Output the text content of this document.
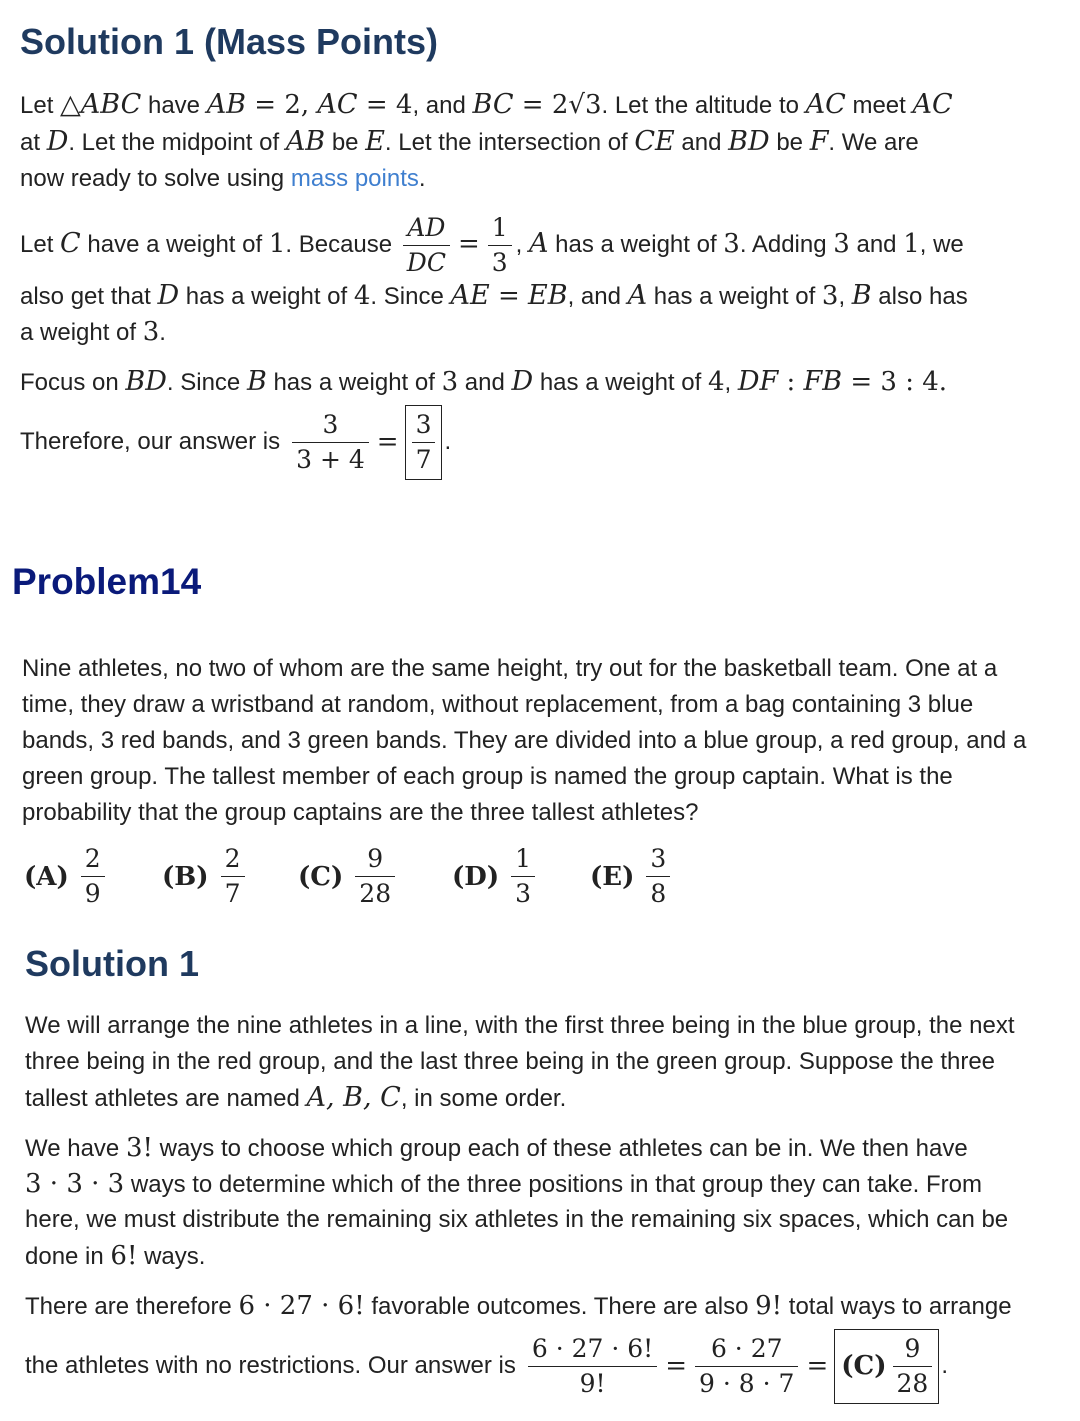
Solution 1 (Mass Points)
Let △ABC have AB = 2, AC = 4, and BC = 2√3. Let the altitude to AC meet AC
at D. Let the midpoint of AB be E. Let the intersection of CE and BD be F. We are
now ready to solve using mass points.
Let C have a weight of 1. Because $\frac{AD}{DC} = \frac{1}{3}$ , A has a weight of 3. Adding 3 and 1, we
also get that D has a weight of 4. Since AE = EB, and A has a weight of 3, B also has
a weight of 3.
Focus on BD. Since B has a weight of 3 and D has a weight of 4, DF : FB = 3 : 4.
Therefore, our answer is $\frac{3}{3 + 4} = \frac{3}{7}$ .
Problem14
Nine athletes, no two of whom are the same height, try out for the basketball team. One at a
time, they draw a wristband at random, without replacement, from a bag containing 3 blue
bands, 3 red bands, and 3 green bands. They are divided into a blue group, a red group, and a
green group. The tallest member of each group is named the group captain. What is the
probability that the group captains are the three tallest athletes?
$(A) \frac{2}{9} (B) \frac{2}{7} (C) \frac{9}{28} (D) \frac{1}{3} (E) \frac{3}{8}$
Solution 1
We will arrange the nine athletes in a line, with the first three being in the blue group, the next
three being in the red group, and the last three being in the green group. Suppose the three
tallest athletes are named A, B, C, in some order.
We have 3! ways to choose which group each of these athletes can be in. We then have
3 · 3 · 3 ways to determine which of the three positions in that group they can take. From
here, we must distribute the remaining six athletes in the remaining six spaces, which can be
done in 6! ways.
There are therefore 6 · 27 · 6! favorable outcomes. There are also 9! total ways to arrange
the athletes with no restrictions. Our answer is $\frac{6 \cdot 27 \cdot 6!}{9!} = \frac{6 \cdot 27}{9 \cdot 8 \cdot 7} = (C) \frac{9}{28}$ .
